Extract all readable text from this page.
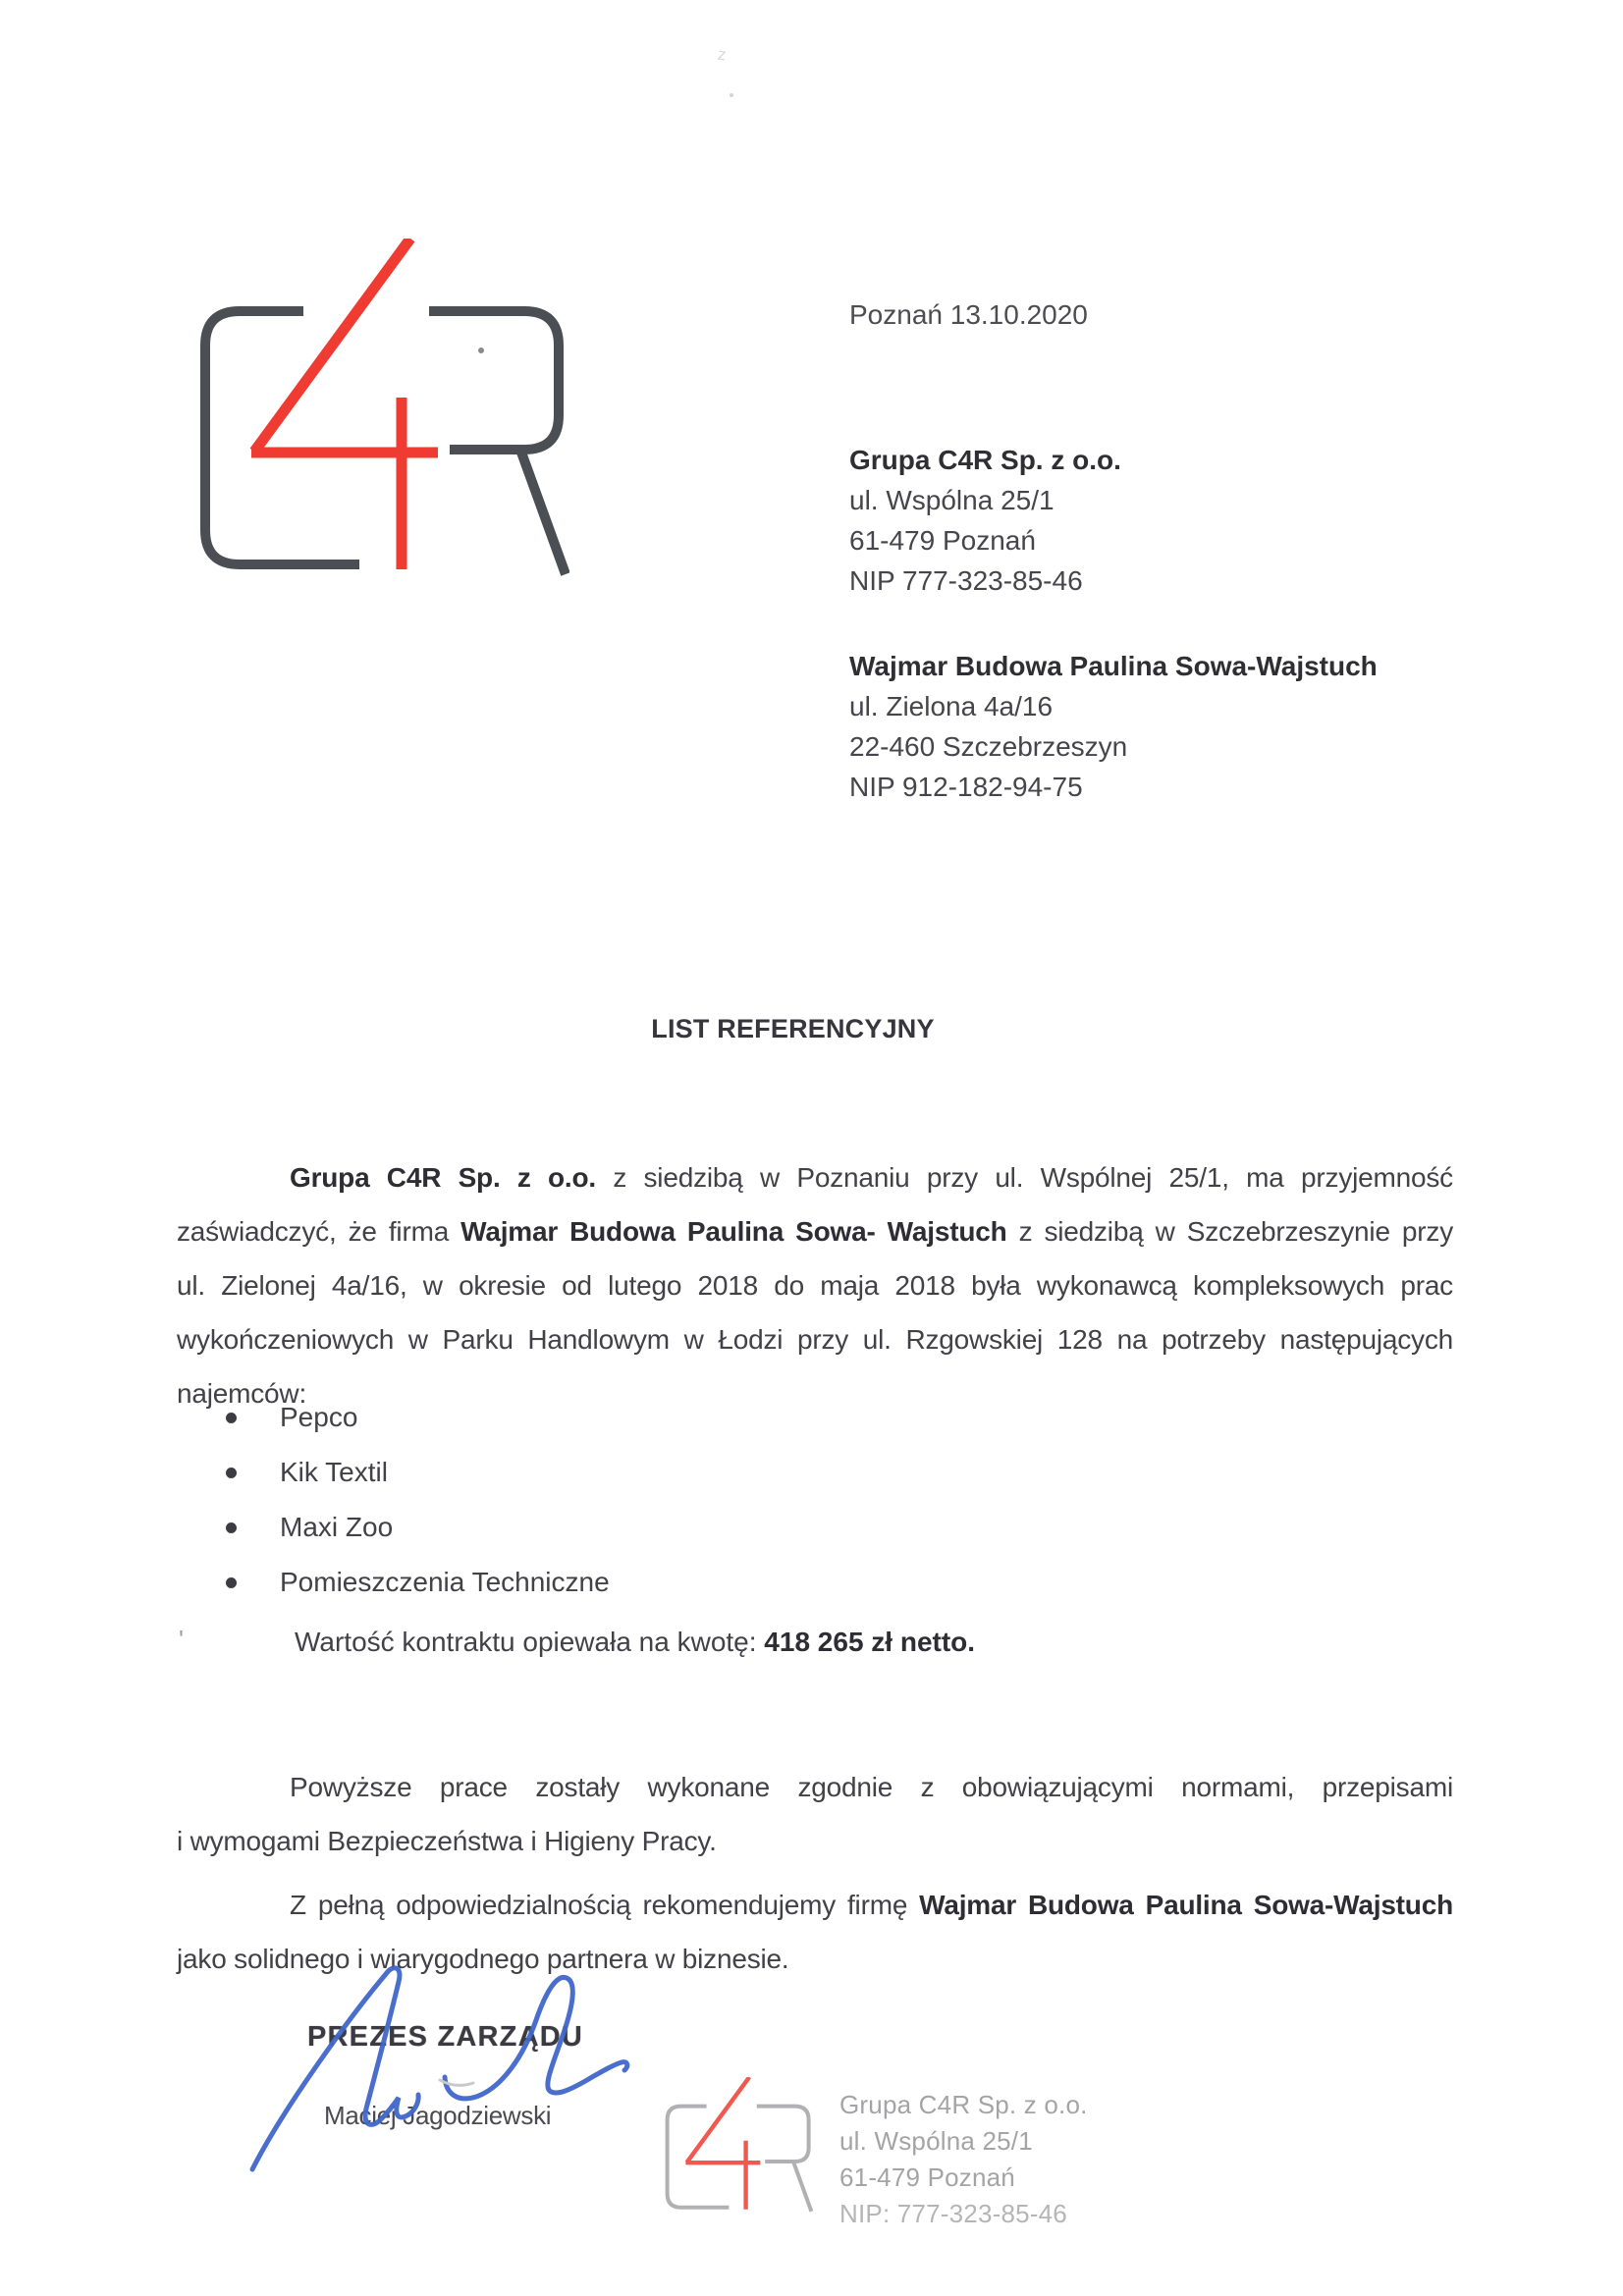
z
Poznań 13.10.2020
Grupa C4R Sp. z o.o.
ul. Wspólna 25/1
61-479 Poznań
NIP 777-323-85-46
Wajmar Budowa Paulina Sowa-Wajstuch
ul. Zielona 4a/16
22-460 Szczebrzeszyn
NIP 912-182-94-75
LIST REFERENCYJNY
Grupa C4R Sp. z o.o. z siedzibą w Poznaniu przy ul. Wspólnej 25/1, ma przyjemność
zaświadczyć, że firma Wajmar Budowa Paulina Sowa- Wajstuch z siedzibą w Szczebrzeszynie przy
ul. Zielonej 4a/16, w okresie od lutego 2018 do maja 2018 była wykonawcą kompleksowych prac
wykończeniowych w Parku Handlowym w Łodzi przy ul. Rzgowskiej 128 na potrzeby następujących
najemców:
Pepco
Kik Textil
Maxi Zoo
Pomieszczenia Techniczne
'	Wartość kontraktu opiewała na kwotę: 418 265 zł netto.
Powyższe prace zostały wykonane zgodnie z obowiązującymi normami, przepisami
i wymogami Bezpieczeństwa i Higieny Pracy.
Z pełną odpowiedzialnością rekomendujemy firmę Wajmar Budowa Paulina Sowa-Wajstuch
jako solidnego i wiarygodnego partnera w biznesie.
PREZES ZARZĄDU
Maciej Jagodziewski	Grupa C4R Sp. z o.o.
ul. Wspólna 25/1
61-479 Poznań
NIP: 777-323-85-46
